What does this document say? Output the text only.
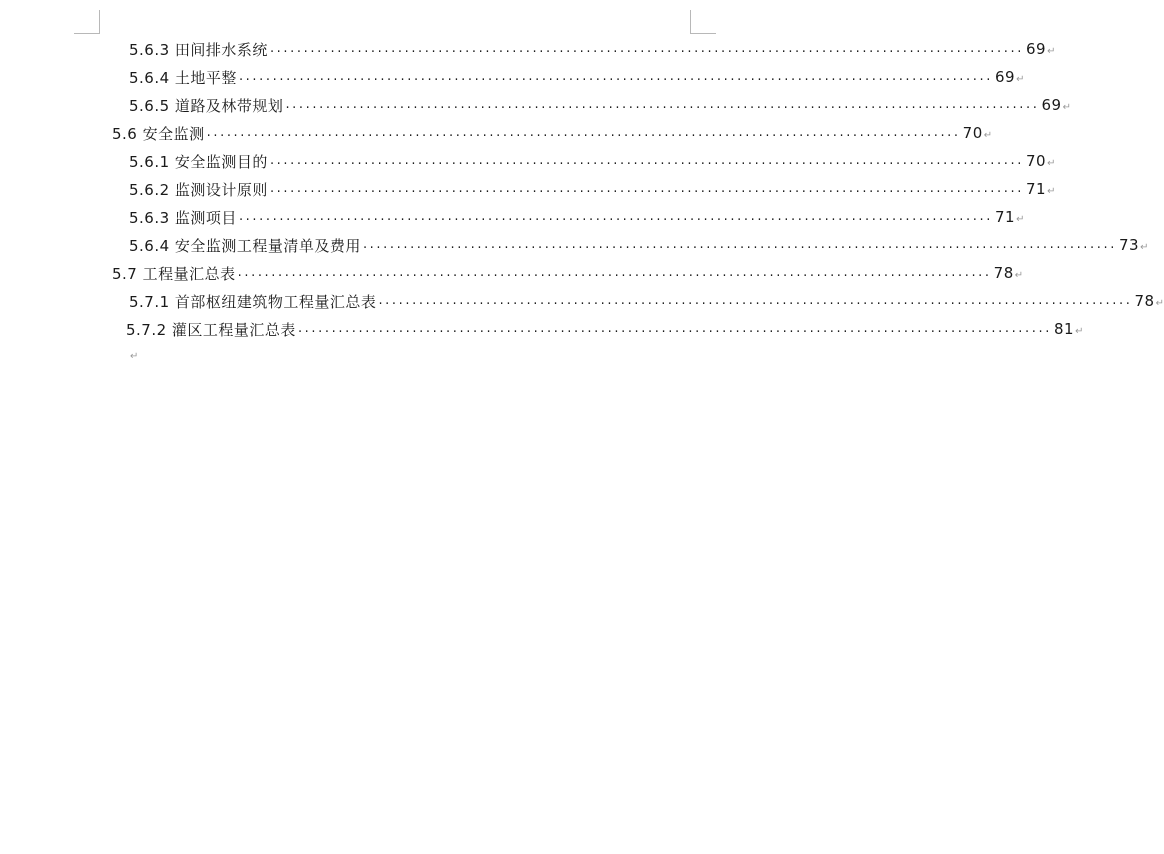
5.6.3 田间排水系统 ................................................................................................................ 69 ↵
5.6.4 土地平整 ................................................................................................................ 69 ↵
5.6.5 道路及林带规划 ................................................................................................................ 69 ↵
5.6 安全监测 ................................................................................................................ 70 ↵
5.6.1 安全监测目的 ................................................................................................................ 70 ↵
5.6.2 监测设计原则 ................................................................................................................ 71 ↵
5.6.3 监测项目 ................................................................................................................ 71 ↵
5.6.4 安全监测工程量清单及费用 ................................................................................................................ 73 ↵
5.7 工程量汇总表 ................................................................................................................ 78 ↵
5.7.1 首部枢纽建筑物工程量汇总表 ................................................................................................................ 78 ↵
5.7.2 灌区工程量汇总表 ................................................................................................................ 81 ↵
↵
